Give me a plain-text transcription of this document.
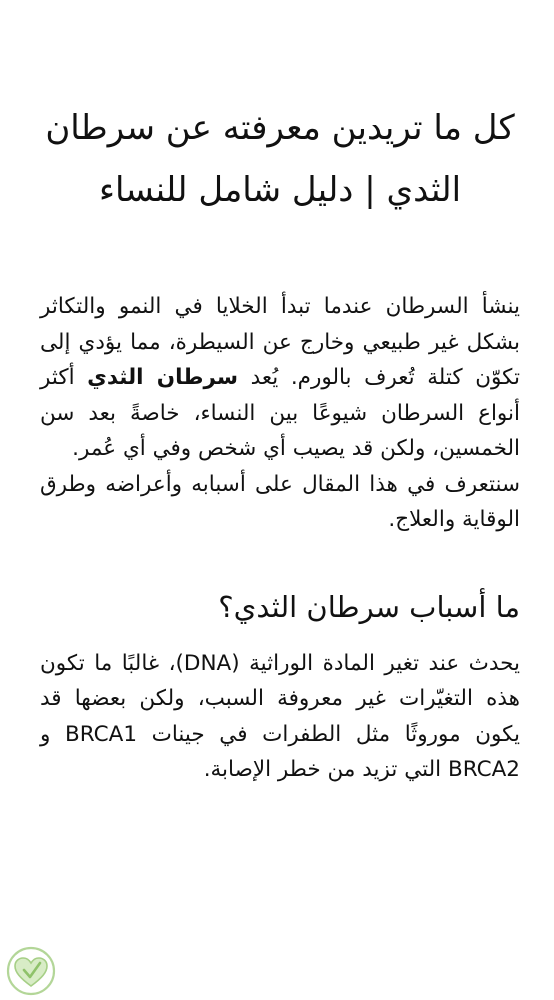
كل ما تريدين معرفته عن سرطان الثدي | دليل شامل للنساء

ينشأ السرطان عندما تبدأ الخلايا في النمو والتكاثر بشكل غير طبيعي وخارج عن السيطرة، مما يؤدي إلى تكوّن كتلة تُعرف بالورم. يُعد سرطان الثدي أكثر أنواع السرطان شيوعًا بين النساء، خاصةً بعد سن الخمسين، ولكن قد يصيب أي شخص وفي أي عُمر.
سنتعرف في هذا المقال على أسبابه وأعراضه وطرق الوقاية والعلاج.

ما أسباب سرطان الثدي؟

يحدث عند تغير المادة الوراثية (DNA)، غالبًا ما تكون هذه التغيّرات غير معروفة السبب، ولكن بعضها قد يكون موروثًا مثل الطفرات في جينات BRCA1 و BRCA2 التي تزيد من خطر الإصابة.
